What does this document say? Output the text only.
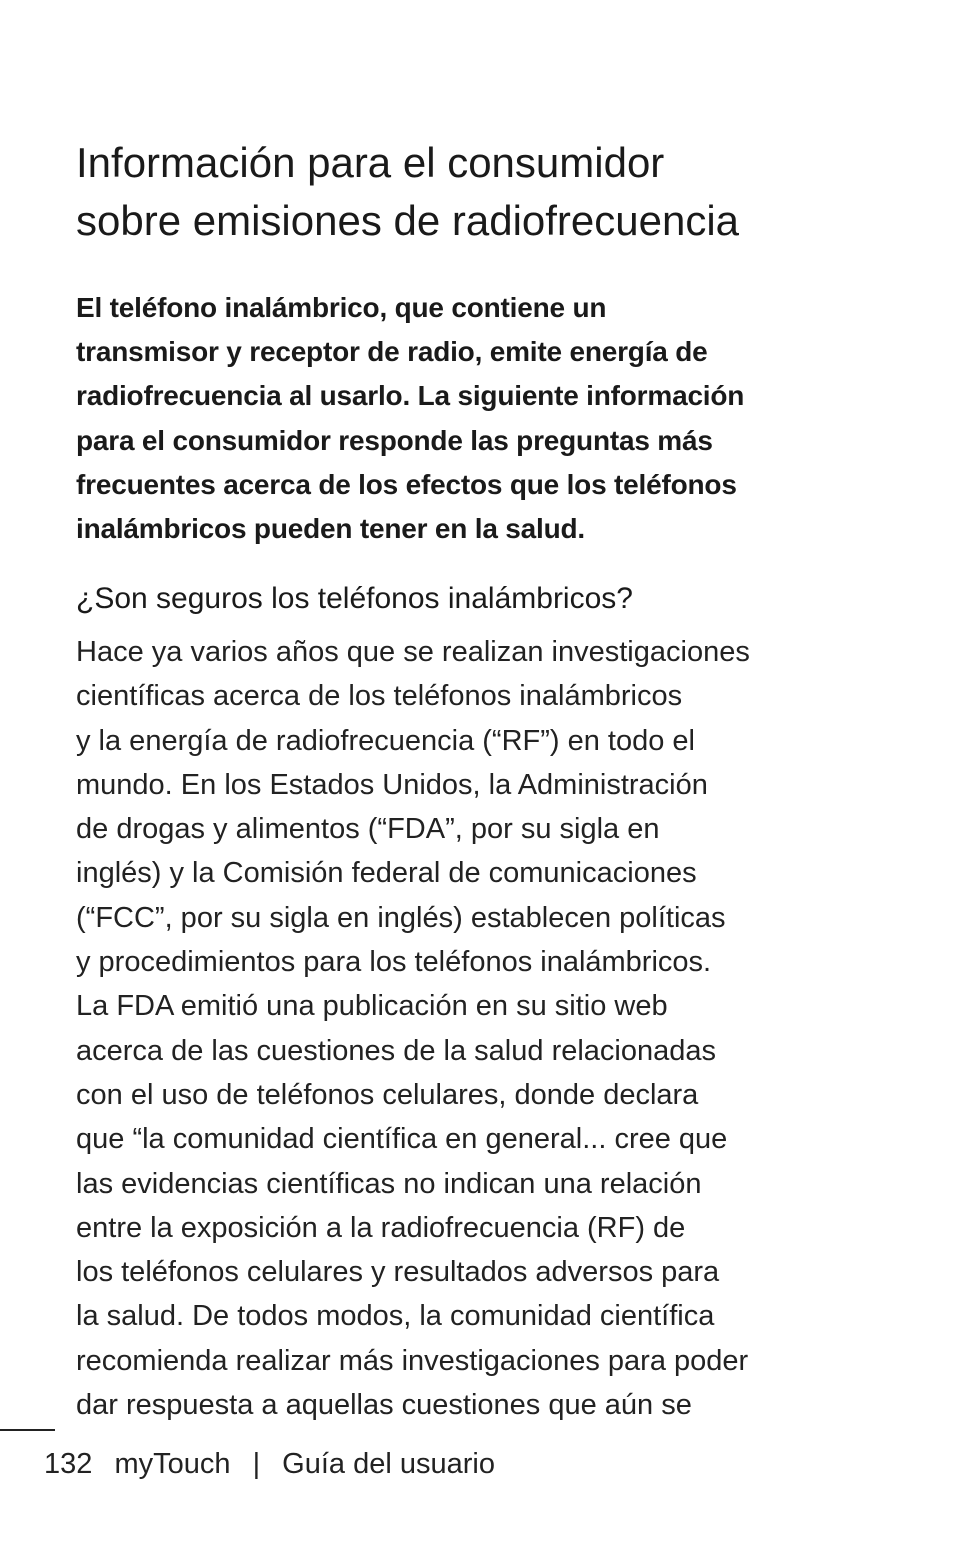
Información para el consumidor
sobre emisiones de radiofrecuencia
El teléfono inalámbrico, que contiene un
transmisor y receptor de radio, emite energía de
radiofrecuencia al usarlo. La siguiente información
para el consumidor responde las preguntas más
frecuentes acerca de los efectos que los teléfonos
inalámbricos pueden tener en la salud.
¿Son seguros los teléfonos inalámbricos?
Hace ya varios años que se realizan investigaciones
científicas acerca de los teléfonos inalámbricos
y la energía de radiofrecuencia (“RF”) en todo el
mundo. En los Estados Unidos, la Administración
de drogas y alimentos (“FDA”, por su sigla en
inglés) y la Comisión federal de comunicaciones
(“FCC”, por su sigla en inglés) establecen políticas
y procedimientos para los teléfonos inalámbricos.
La FDA emitió una publicación en su sitio web
acerca de las cuestiones de la salud relacionadas
con el uso de teléfonos celulares, donde declara
que “la comunidad científica en general... cree que
las evidencias científicas no indican una relación
entre la exposición a la radiofrecuencia (RF) de
los teléfonos celulares y resultados adversos para
la salud. De todos modos, la comunidad científica
recomienda realizar más investigaciones para poder
dar respuesta a aquellas cuestiones que aún se
132 myTouch | Guía del usuario
